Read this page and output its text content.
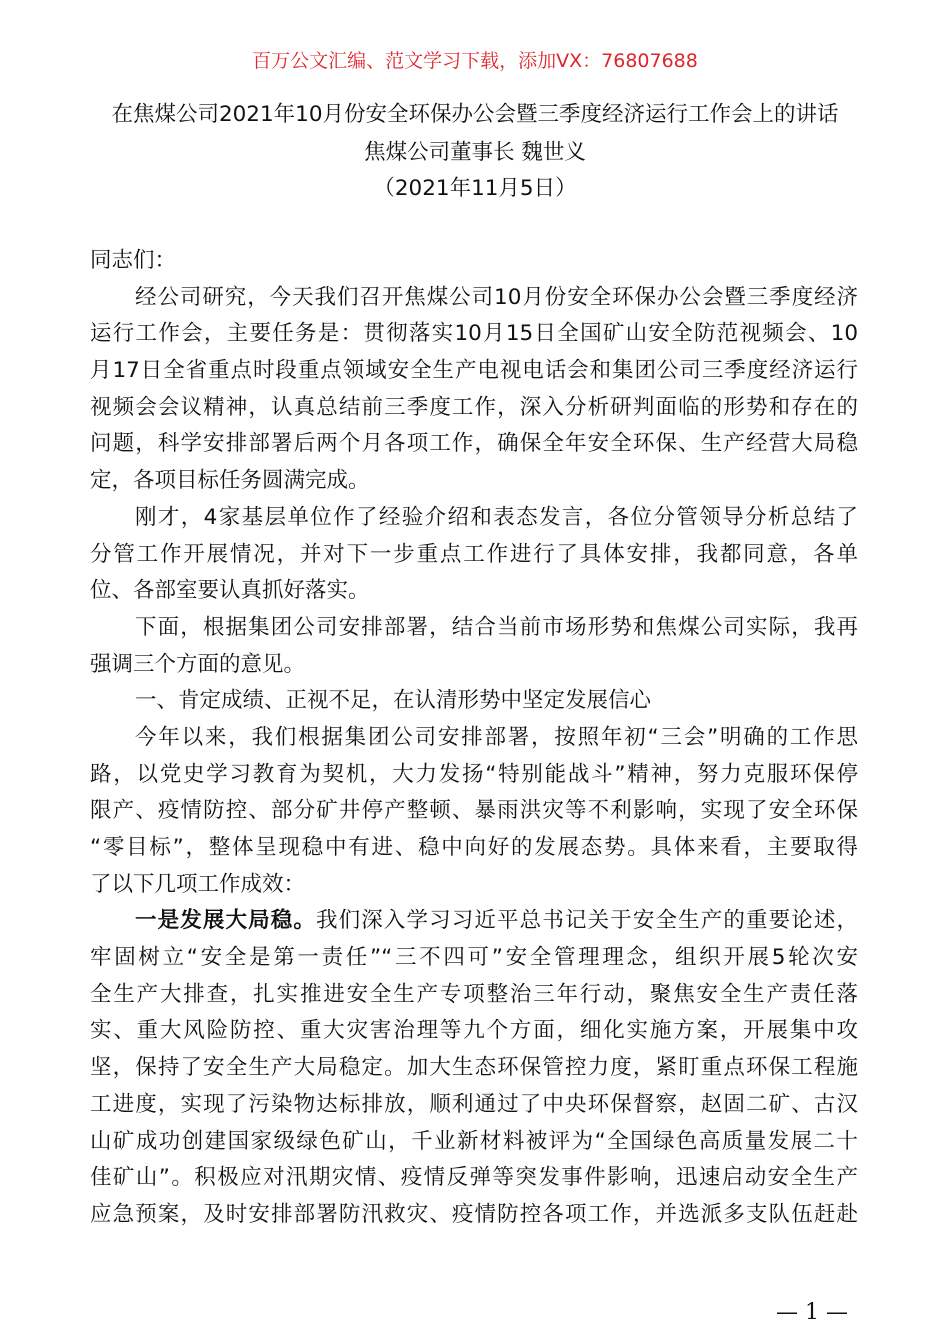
百万公文汇编、范文学习下载，添加VX：76807688
在焦煤公司2021年10月份安全环保办公会暨三季度经济运行工作会上的讲话
焦煤公司董事长 魏世义
（2021年11月5日）
同志们：
经公司研究，今天我们召开焦煤公司10月份安全环保办公会暨三季度经济
运行工作会，主要任务是：贯彻落实10月15日全国矿山安全防范视频会、10
月17日全省重点时段重点领域安全生产电视电话会和集团公司三季度经济运行
视频会会议精神，认真总结前三季度工作，深入分析研判面临的形势和存在的
问题，科学安排部署后两个月各项工作，确保全年安全环保、生产经营大局稳
定，各项目标任务圆满完成。
刚才，4家基层单位作了经验介绍和表态发言，各位分管领导分析总结了
分管工作开展情况，并对下一步重点工作进行了具体安排，我都同意，各单
位、各部室要认真抓好落实。
下面，根据集团公司安排部署，结合当前市场形势和焦煤公司实际，我再
强调三个方面的意见。
一、肯定成绩、正视不足，在认清形势中坚定发展信心
今年以来，我们根据集团公司安排部署，按照年初“三会”明确的工作思
路，以党史学习教育为契机，大力发扬“特别能战斗”精神，努力克服环保停
限产、疫情防控、部分矿井停产整顿、暴雨洪灾等不利影响，实现了安全环保
“零目标”，整体呈现稳中有进、稳中向好的发展态势。具体来看，主要取得
了以下几项工作成效：
一是发展大局稳。我们深入学习习近平总书记关于安全生产的重要论述，
牢固树立“安全是第一责任”“三不四可”安全管理理念，组织开展5轮次安
全生产大排查，扎实推进安全生产专项整治三年行动，聚焦安全生产责任落
实、重大风险防控、重大灾害治理等九个方面，细化实施方案，开展集中攻
坚，保持了安全生产大局稳定。加大生态环保管控力度，紧盯重点环保工程施
工进度，实现了污染物达标排放，顺利通过了中央环保督察，赵固二矿、古汉
山矿成功创建国家级绿色矿山，千业新材料被评为“全国绿色高质量发展二十
佳矿山”。积极应对汛期灾情、疫情反弹等突发事件影响，迅速启动安全生产
应急预案，及时安排部署防汛救灾、疫情防控各项工作，并选派多支队伍赶赴
— 1 —
